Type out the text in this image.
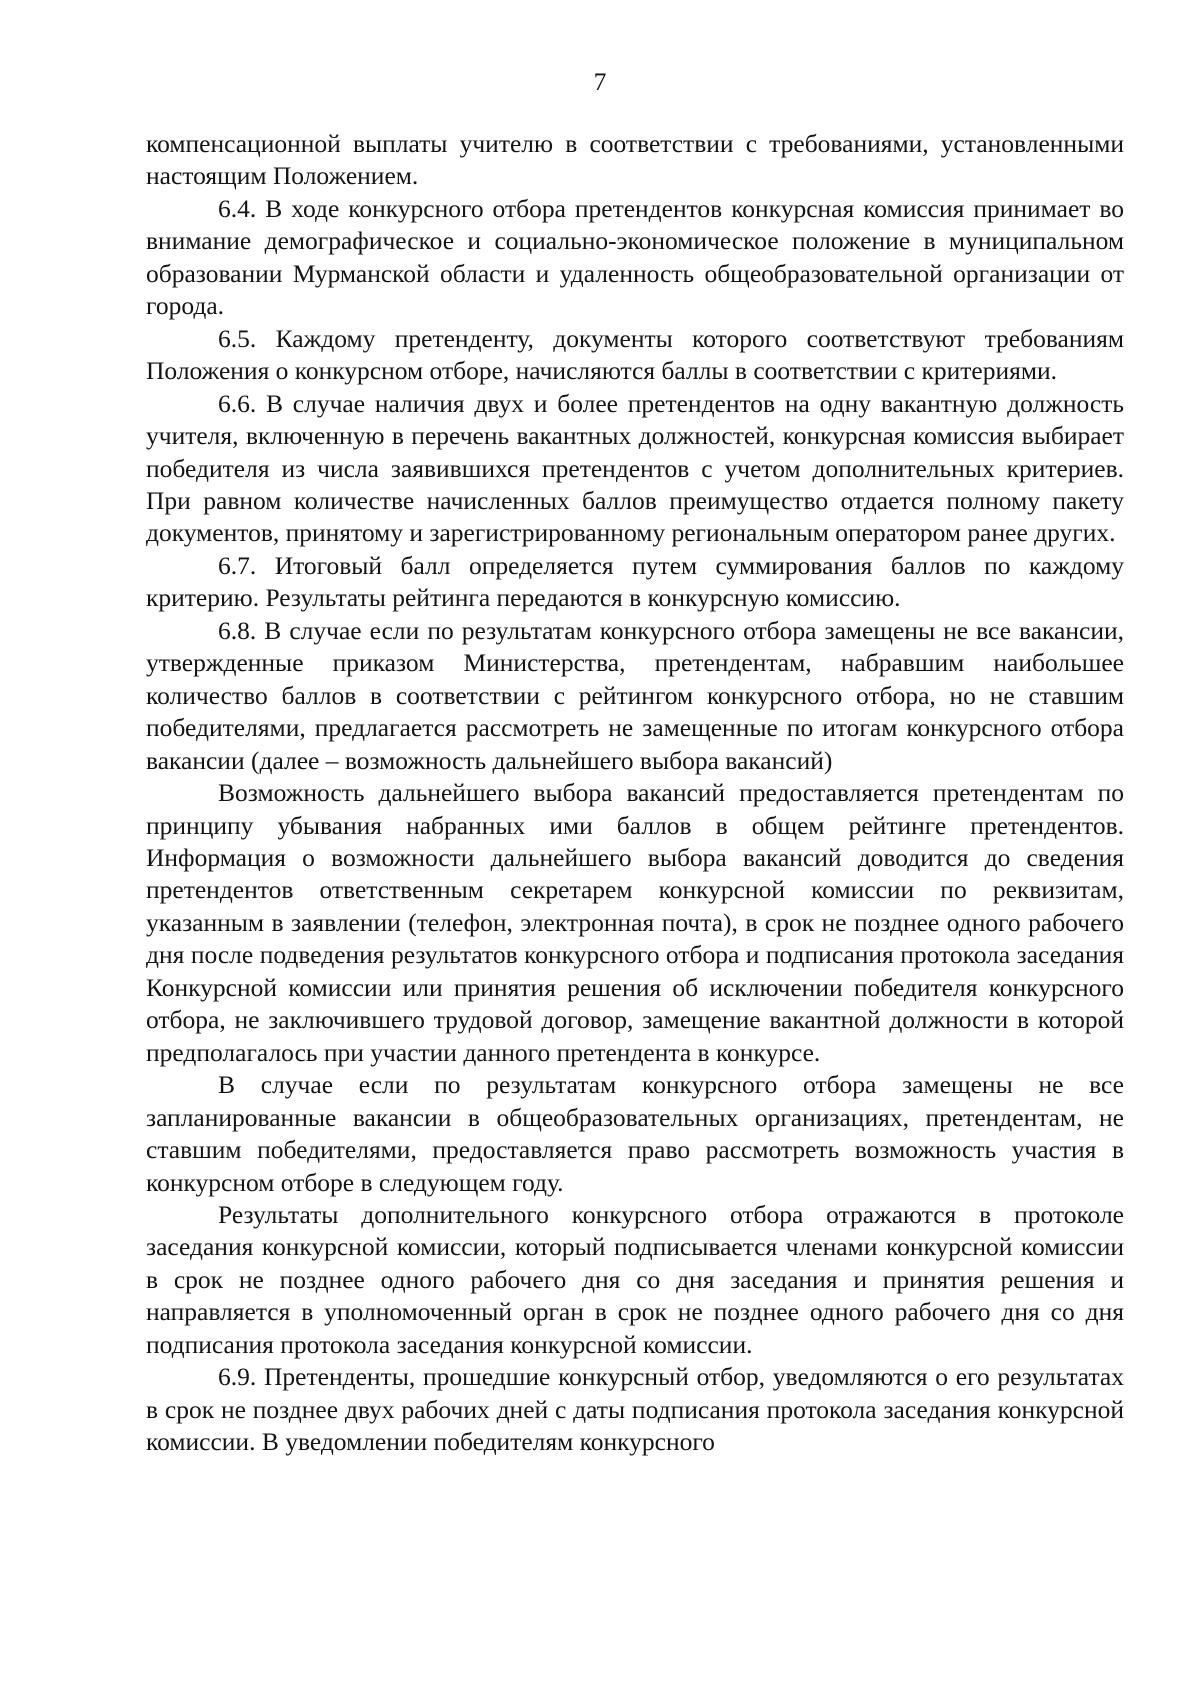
7

компенсационной выплаты учителю в соответствии с требованиями, установленными настоящим Положением.

6.4. В ходе конкурсного отбора претендентов конкурсная комиссия принимает во внимание демографическое и социально-экономическое положение в муниципальном образовании Мурманской области и удаленность общеобразовательной организации от города.

6.5. Каждому претенденту, документы которого соответствуют требованиям Положения о конкурсном отборе, начисляются баллы в соответствии с критериями.

6.6. В случае наличия двух и более претендентов на одну вакантную должность учителя, включенную в перечень вакантных должностей, конкурсная комиссия выбирает победителя из числа заявившихся претендентов с учетом дополнительных критериев. При равном количестве начисленных баллов преимущество отдается полному пакету документов, принятому и зарегистрированному региональным оператором ранее других.

6.7. Итоговый балл определяется путем суммирования баллов по каждому критерию. Результаты рейтинга передаются в конкурсную комиссию.

6.8. В случае если по результатам конкурсного отбора замещены не все вакансии, утвержденные приказом Министерства, претендентам, набравшим наибольшее количество баллов в соответствии с рейтингом конкурсного отбора, но не ставшим победителями, предлагается рассмотреть не замещенные по итогам конкурсного отбора вакансии (далее – возможность дальнейшего выбора вакансий)

Возможность дальнейшего выбора вакансий предоставляется претендентам по принципу убывания набранных ими баллов в общем рейтинге претендентов. Информация о возможности дальнейшего выбора вакансий доводится до сведения претендентов ответственным секретарем конкурсной комиссии по реквизитам, указанным в заявлении (телефон, электронная почта), в срок не позднее одного рабочего дня после подведения результатов конкурсного отбора и подписания протокола заседания Конкурсной комиссии или принятия решения об исключении победителя конкурсного отбора, не заключившего трудовой договор, замещение вакантной должности в которой предполагалось при участии данного претендента в конкурсе.

В случае если по результатам конкурсного отбора замещены не все запланированные вакансии в общеобразовательных организациях, претендентам, не ставшим победителями, предоставляется право рассмотреть возможность участия в конкурсном отборе в следующем году.

Результаты дополнительного конкурсного отбора отражаются в протоколе заседания конкурсной комиссии, который подписывается членами конкурсной комиссии в срок не позднее одного рабочего дня со дня заседания и принятия решения и направляется в уполномоченный орган в срок не позднее одного рабочего дня со дня подписания протокола заседания конкурсной комиссии.

6.9. Претенденты, прошедшие конкурсный отбор, уведомляются о его результатах в срок не позднее двух рабочих дней с даты подписания протокола заседания конкурсной комиссии. В уведомлении победителям конкурсного
